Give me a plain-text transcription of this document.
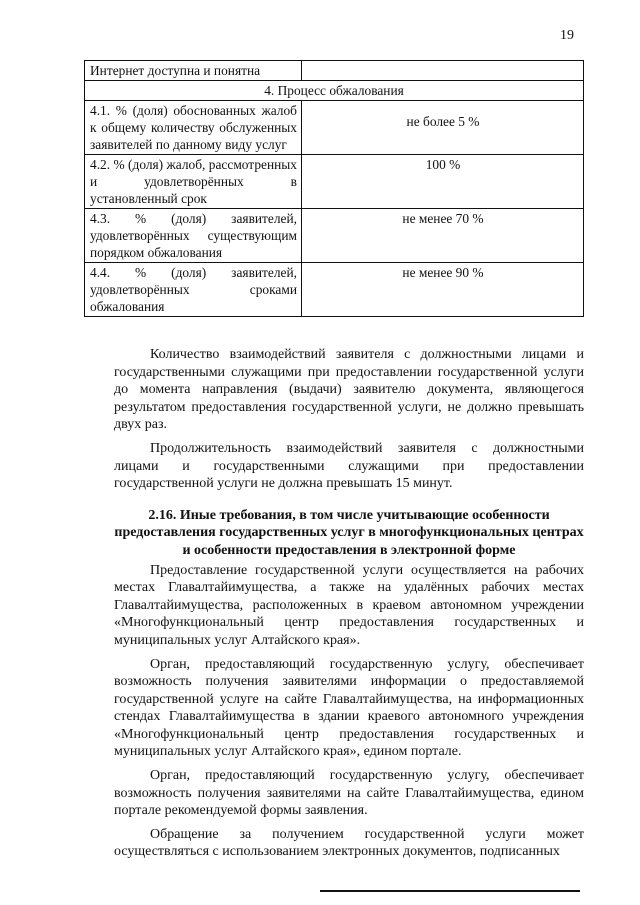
19
Интернет доступна и понятна	
4. Процесс обжалования	
4.1. % (доля) обоснованных жалоб к общему количеству обслуженных заявителей по данному виду услуг	не более 5 %
4.2. % (доля) жалоб, рассмотренных и удовлетворённых в установленный срок	100 %
4.3. % (доля) заявителей, удовлетворённых существующим порядком обжалования	не менее 70 %
4.4. % (доля) заявителей, удовлетворённых сроками обжалования	не менее 90 %

Количество взаимодействий заявителя с должностными лицами и государственными служащими при предоставлении государственной услуги до момента направления (выдачи) заявителю документа, являющегося результатом предоставления государственной услуги, не должно превышать двух раз.

Продолжительность взаимодействий заявителя с должностными лицами и государственными служащими при предоставлении государственной услуги не должна превышать 15 минут.

2.16. Иные требования, в том числе учитывающие особенности предоставления государственных услуг в многофункциональных центрах и особенности предоставления в электронной форме

Предоставление государственной услуги осуществляется на рабочих местах Главалтайимущества, а также на удалённых рабочих местах Главалтайимущества, расположенных в краевом автономном учреждении «Многофункциональный центр предоставления государственных и муниципальных услуг Алтайского края».

Орган, предоставляющий государственную услугу, обеспечивает возможность получения заявителями информации о предоставляемой государственной услуге на сайте Главалтайимущества, на информационных стендах Главалтайимущества в здании краевого автономного учреждения «Многофункциональный центр предоставления государственных и муниципальных услуг Алтайского края», едином портале.

Орган, предоставляющий государственную услугу, обеспечивает возможность получения заявителями на сайте Главалтайимущества, едином портале рекомендуемой формы заявления.

Обращение за получением государственной услуги может осуществляться с использованием электронных документов, подписанных
